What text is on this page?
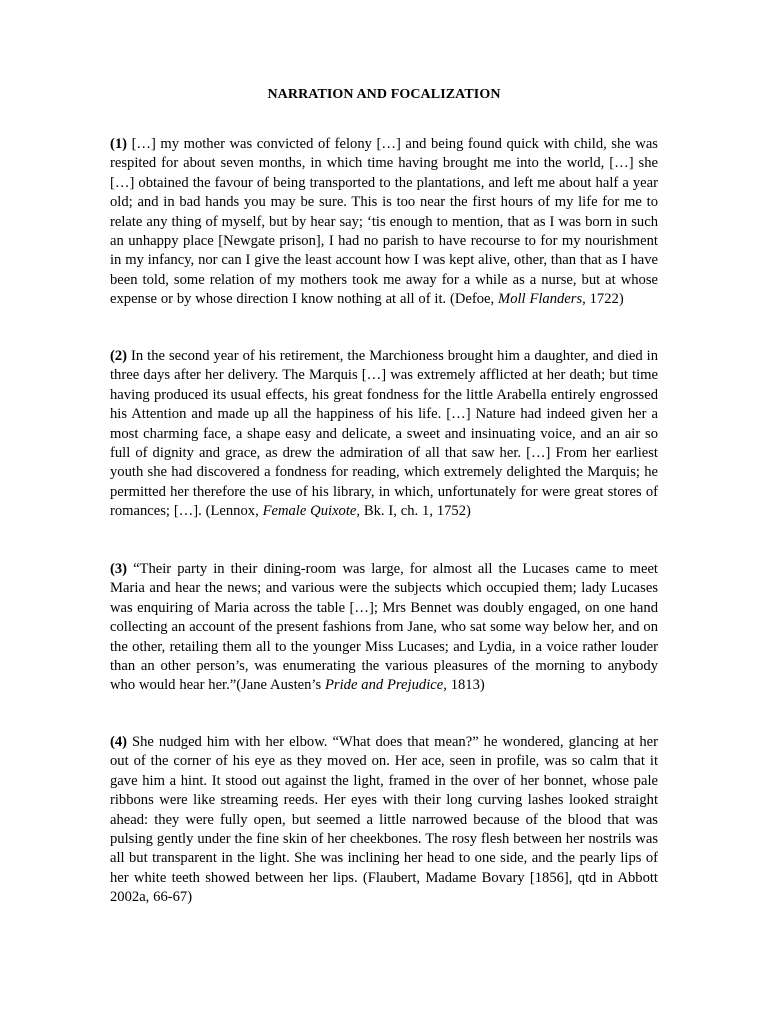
NARRATION AND FOCALIZATION

(1) […] my mother was convicted of felony […] and being found quick with child, she was respited for about seven months, in which time having brought me into the world, […] she […] obtained the favour of being transported to the plantations, and left me about half a year old; and in bad hands you may be sure. This is too near the first hours of my life for me to relate any thing of myself, but by hear say; ‘tis enough to mention, that as I was born in such an unhappy place [Newgate prison], I had no parish to have recourse to for my nourishment in my infancy, nor can I give the least account how I was kept alive, other, than that as I have been told, some relation of my mothers took me away for a while as a nurse, but at whose expense or by whose direction I know nothing at all of it. (Defoe, Moll Flanders, 1722)

(2) In the second year of his retirement, the Marchioness brought him a daughter, and died in three days after her delivery. The Marquis […] was extremely afflicted at her death; but time having produced its usual effects, his great fondness for the little Arabella entirely engrossed his Attention and made up all the happiness of his life. […] Nature had indeed given her a most charming face, a shape easy and delicate, a sweet and insinuating voice, and an air so full of dignity and grace, as drew the admiration of all that saw her. […] From her earliest youth she had discovered a fondness for reading, which extremely delighted the Marquis; he permitted her therefore the use of his library, in which, unfortunately for were great stores of romances; […]. (Lennox, Female Quixote, Bk. I, ch. 1, 1752)

(3) “Their party in their dining-room was large, for almost all the Lucases came to meet Maria and hear the news; and various were the subjects which occupied them; lady Lucases was enquiring of Maria across the table […]; Mrs Bennet was doubly engaged, on one hand collecting an account of the present fashions from Jane, who sat some way below her, and on the other, retailing them all to the younger Miss Lucases; and Lydia, in a voice rather louder than an other person’s, was enumerating the various pleasures of the morning to anybody who would hear her.”(Jane Austen’s Pride and Prejudice, 1813)

(4) She nudged him with her elbow. “What does that mean?” he wondered, glancing at her out of the corner of his eye as they moved on. Her ace, seen in profile, was so calm that it gave him a hint. It stood out against the light, framed in the over of her bonnet, whose pale ribbons were like streaming reeds. Her eyes with their long curving lashes looked straight ahead: they were fully open, but seemed a little narrowed because of the blood that was pulsing gently under the fine skin of her cheekbones. The rosy flesh between her nostrils was all but transparent in the light. She was inclining her head to one side, and the pearly lips of her white teeth showed between her lips. (Flaubert, Madame Bovary [1856], qtd in Abbott 2002a, 66-67)
